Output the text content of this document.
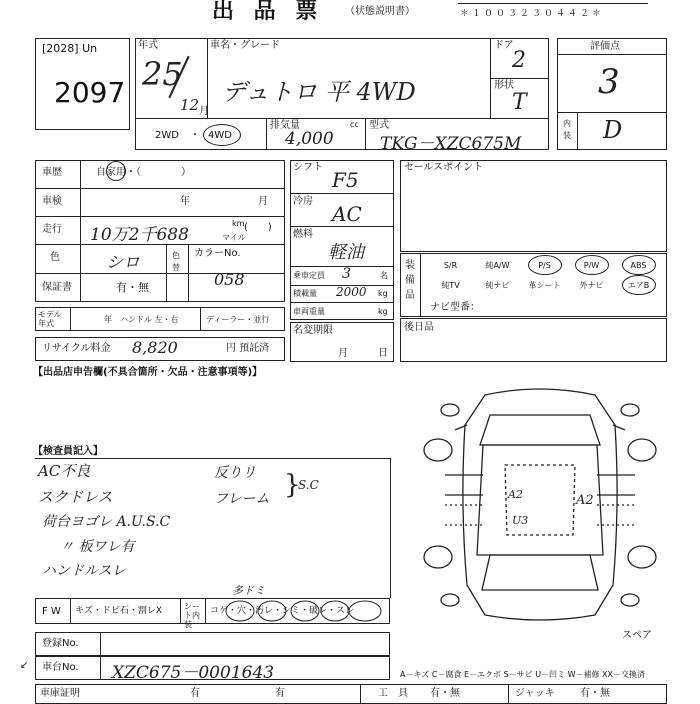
出 品 票 （状態説明書）	＊１００３２３０４４２＊
[2028] Un
2097
年式
25
12 月
車名・グレード
デュトロ 平 4WD
ドア
2
形状
T
2WD ・ 4WD
排気量	cc
4,000
型式
TKG－XZC675M
評価点
3
内装 D
車歴	自家用・（　　　　）
車検	年	月
走行 10万2千688
km
マイル
(　　)
色	シロ	色替
カラーNo.
058
保証書	有・無
モデル年式	年 ハンドル 左・右	ディーラー・並行
リサイクル料金 8,820	円 預託済
シフト
F5
冷房
AC
燃料
軽油
乗車定員 3	名
積載量 2000 kg
車両重量	kg
名変期限
月	日
セールスポイント
装備品
S/R	純A/W	P/S	P/W	ABS
純TV	純ナビ	革シート	外ナビ	エアB
ナビ型番：
後日品
【出品店申告欄(不具合箇所・欠品・注意事項等)】
【検査員記入】
AC不良
スクドレス
荷台ヨゴレ A.U.S.C
〃 板ワレ有
ハンドルスレ
反りリ
フレーム }
S.C
A2
U3
A2
スペア
F W キズ・ドビ石・割レX	シート内装
コゲ・穴・汚レ・シミ・破レ・スレ
多ドミ
登録No.
車台No. XZC675－0001643
↙
A－キズ C－腐食 E－エクボ S－サビ U－凹ミ W－補修 XX－交換済
車庫証明	有	有	工　具 有・無	ジャッキ	有・無
